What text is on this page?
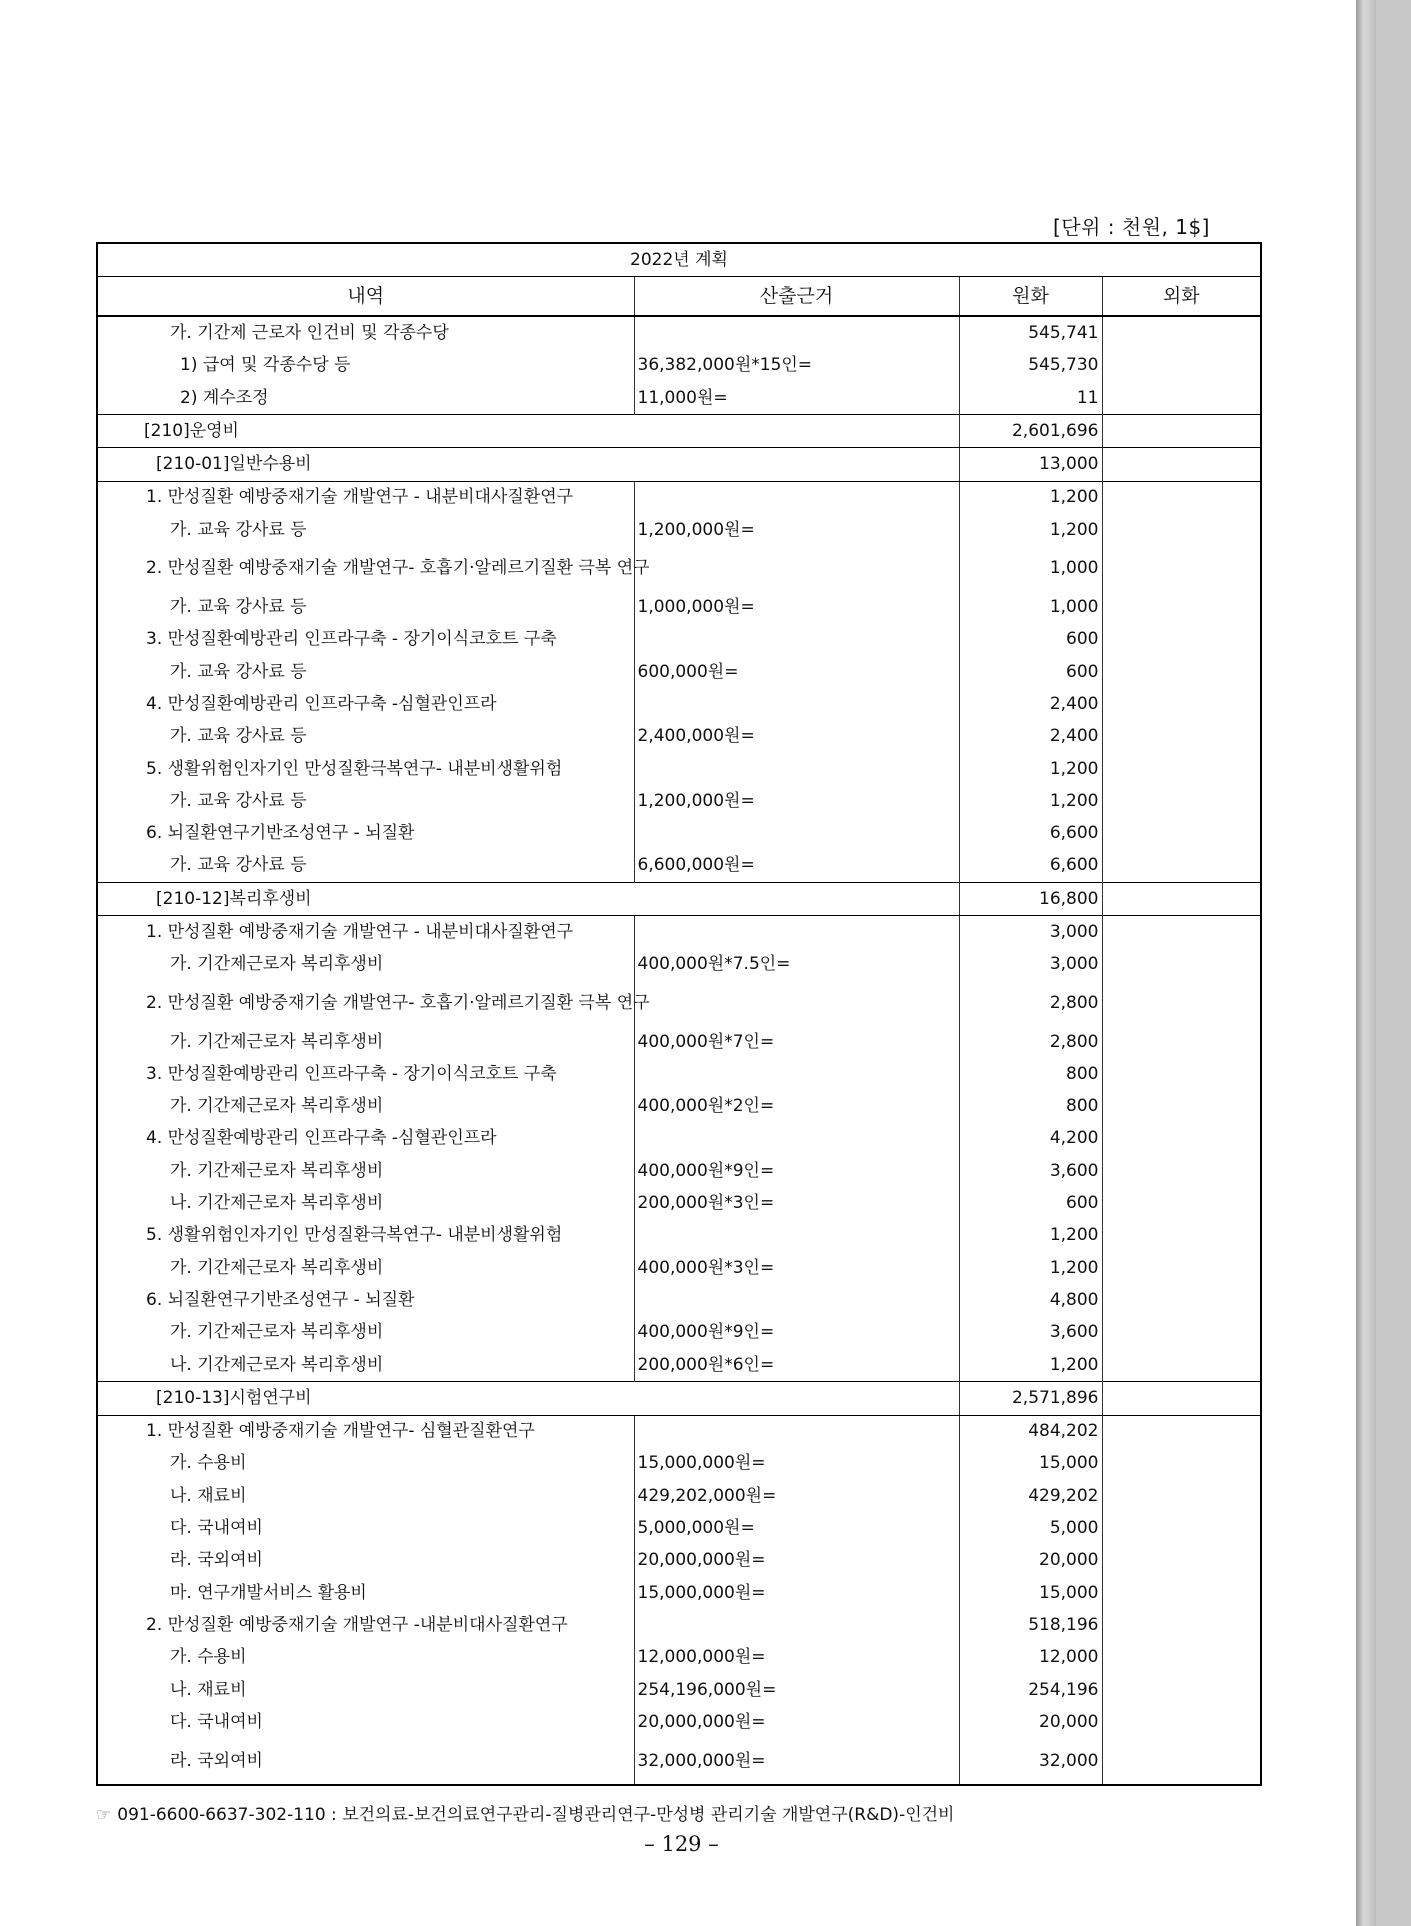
[단위 : 천원, 1$]
2022년 계획			
내역	산출근거	원화	외화
가. 기간제 근로자 인건비 및 각종수당		545,741	
1) 급여 및 각종수당 등	36,382,000원*15인=	545,730	
2) 계수조정	11,000원=	11	
[210]운영비		2,601,696	
[210-01]일반수용비		13,000	
1. 만성질환 예방중재기술 개발연구 - 내분비대사질환연구		1,200	
가. 교육 강사료 등	1,200,000원=	1,200	
2. 만성질환 예방중재기술 개발연구- 호흡기·알레르기질환 극복 연구		1,000	
가. 교육 강사료 등	1,000,000원=	1,000	
3. 만성질환예방관리 인프라구축 - 장기이식코호트 구축		600	
가. 교육 강사료 등	600,000원=	600	
4. 만성질환예방관리 인프라구축 -심혈관인프라		2,400	
가. 교육 강사료 등	2,400,000원=	2,400	
5. 생활위험인자기인 만성질환극복연구- 내분비생활위험		1,200	
가. 교육 강사료 등	1,200,000원=	1,200	
6. 뇌질환연구기반조성연구 - 뇌질환		6,600	
가. 교육 강사료 등	6,600,000원=	6,600	
[210-12]복리후생비		16,800	
1. 만성질환 예방중재기술 개발연구 - 내분비대사질환연구		3,000	
가. 기간제근로자 복리후생비	400,000원*7.5인=	3,000	
2. 만성질환 예방중재기술 개발연구- 호흡기·알레르기질환 극복 연구		2,800	
가. 기간제근로자 복리후생비	400,000원*7인=	2,800	
3. 만성질환예방관리 인프라구축 - 장기이식코호트 구축		800	
가. 기간제근로자 복리후생비	400,000원*2인=	800	
4. 만성질환예방관리 인프라구축 -심혈관인프라		4,200	
가. 기간제근로자 복리후생비	400,000원*9인=	3,600	
나. 기간제근로자 복리후생비	200,000원*3인=	600	
5. 생활위험인자기인 만성질환극복연구- 내분비생활위험		1,200	
가. 기간제근로자 복리후생비	400,000원*3인=	1,200	
6. 뇌질환연구기반조성연구 - 뇌질환		4,800	
가. 기간제근로자 복리후생비	400,000원*9인=	3,600	
나. 기간제근로자 복리후생비	200,000원*6인=	1,200	
[210-13]시험연구비		2,571,896	
1. 만성질환 예방중재기술 개발연구- 심혈관질환연구		484,202	
가. 수용비	15,000,000원=	15,000	
나. 재료비	429,202,000원=	429,202	
다. 국내여비	5,000,000원=	5,000	
라. 국외여비	20,000,000원=	20,000	
마. 연구개발서비스 활용비	15,000,000원=	15,000	
2. 만성질환 예방중재기술 개발연구 -내분비대사질환연구		518,196	
가. 수용비	12,000,000원=	12,000	
나. 재료비	254,196,000원=	254,196	
다. 국내여비	20,000,000원=	20,000	
라. 국외여비	32,000,000원=	32,000	
☞ 091-6600-6637-302-110 : 보건의료-보건의료연구관리-질병관리연구-만성병 관리기술 개발연구(R&D)-인건비
– 129 –
